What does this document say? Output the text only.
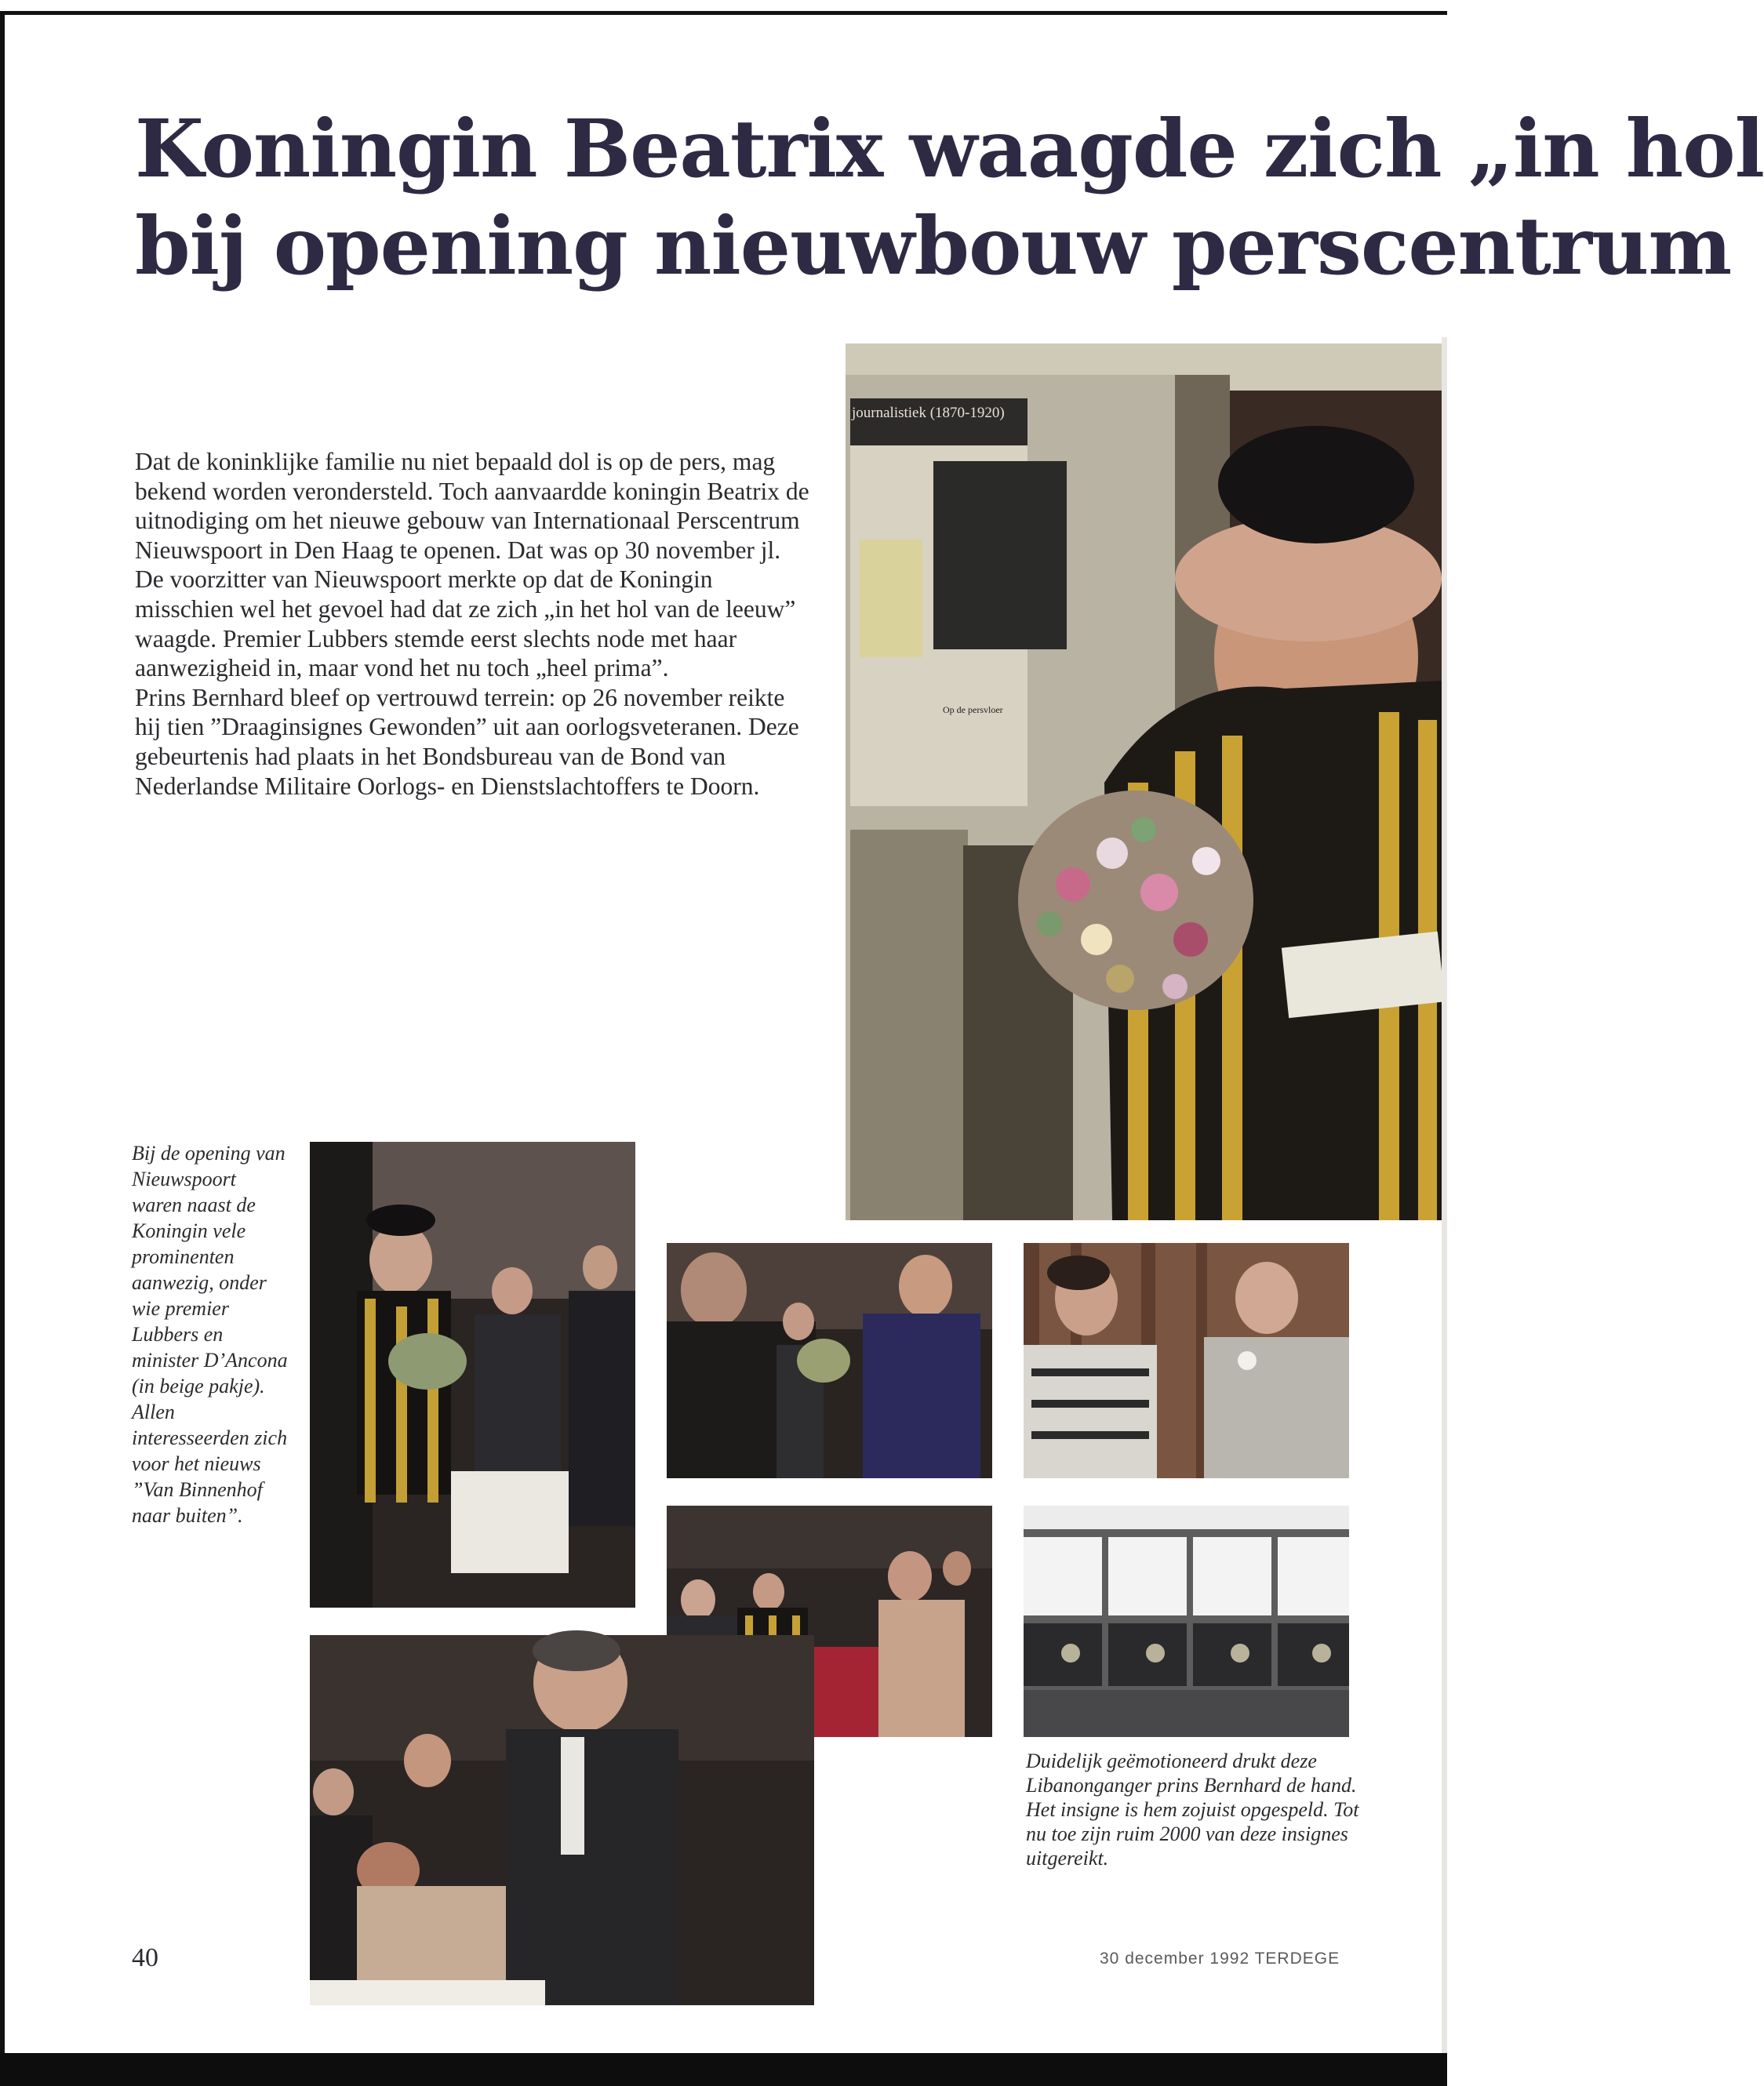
Koningin Beatrix waagde zich „in hol
bij opening nieuwbouw perscentrum

Dat de koninklijke familie nu niet bepaald dol is op de pers, mag bekend worden verondersteld. Toch aanvaardde koningin Beatrix de uitnodiging om het nieuwe gebouw van Internationaal Perscentrum Nieuwspoort in Den Haag te openen. Dat was op 30 november jl. De voorzitter van Nieuwspoort merkte op dat de Koningin misschien wel het gevoel had dat ze zich „in het hol van de leeuw” waagde. Premier Lubbers stemde eerst slechts node met haar aanwezigheid in, maar vond het nu toch „heel prima”.

Prins Bernhard bleef op vertrouwd terrein: op 26 november reikte hij tien ”Draaginsignes Gewonden” uit aan oorlogsveteranen. Deze gebeurtenis had plaats in het Bondsbureau van de Bond van Nederlandse Militaire Oorlogs- en Dienstslachtoffers te Doorn.

journalistiek (1870-1920)
Op de persvloer
Bij de opening van Nieuwspoort waren naast de Koningin vele prominenten aanwezig, onder wie premier Lubbers en minister D’Ancona (in beige pakje). Allen interesseerden zich voor het nieuws ”Van Binnenhof naar buiten”.
Duidelijk geëmotioneerd drukt deze Libanonganger prins Bernhard de hand. Het insigne is hem zojuist opgespeld. Tot nu toe zijn ruim 2000 van deze insignes uitgereikt.
40	30 december 1992 TERDEGE
